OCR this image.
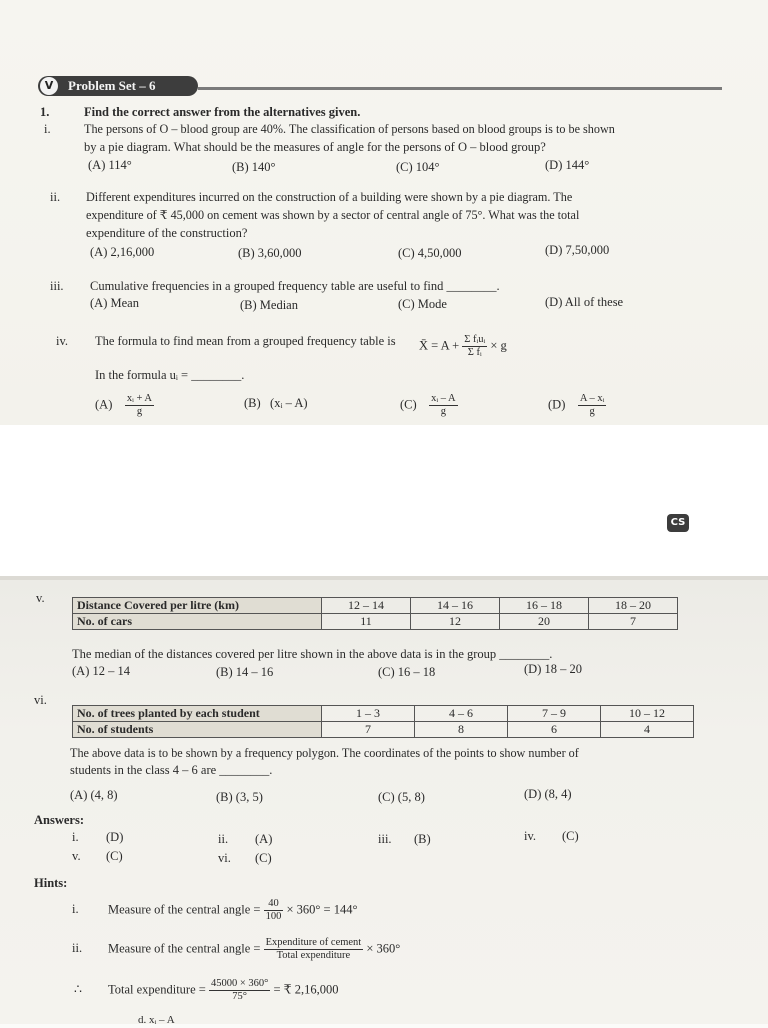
V	Problem Set – 6
1.	Find the correct answer from the alternatives given.
i.	The persons of O – blood group are 40%. The classification of persons based on blood groups is to be shown
by a pie diagram. What should be the measures of angle for the persons of O – blood group?
(A) 114°	(B) 140°	(C) 104°	(D) 144°
ii. Different expenditures incurred on the construction of a building were shown by a pie diagram. The
expenditure of ₹ 45,000 on cement was shown by a sector of central angle of 75°. What was the total
expenditure of the construction?
(A) 2,16,000	(B) 3,60,000	(C) 4,50,000	(D) 7,50,000
iii. Cumulative frequencies in a grouped frequency table are useful to find ________.
(A) Mean	(B) Median	(C) Mode	(D) All of these
iv. The formula to find mean from a grouped frequency table is X̄ = $A + \frac{\text{Σ fᵢuᵢ}}{\text{Σ fᵢ}} \times g$
In the formula uᵢ = ________.
$(A) \frac{\text{xᵢ + A}}{g}$	(B) (xᵢ – A)	$(C) \frac{\text{xᵢ – A}}{g}$	$(D) \frac{\text{A – xᵢ}}{g}$
CS
v.	Distance Covered per litre (km)	12 – 14	14 – 16	16 – 18	18 – 20
No. of cars	11	12	20	7
The median of the distances covered per litre shown in the above data is in the group ________.
(A) 12 – 14	(B) 14 – 16	(C) 16 – 18	(D) 18 – 20
vi.
No. of trees planted by each student	1 – 3	4 – 6	7 – 9	10 – 12
No. of students	7	8	6	4
The above data is to be shown by a frequency polygon. The coordinates of the points to show number of
students in the class 4 – 6 are ________.
(A) (4, 8)	(B) (3, 5)	(C) (5, 8)	(D) (8, 4)
Answers:
i. (D)	ii. (A)	iii. (B)	iv. (C)
v. (C)	vi. (C)
Hints:
i. Measure of the central angle = $\frac{40}{100} \times 360^\circ = 144^\circ$
ii. Measure of the central angle = $\frac{\text{Expenditure of cement}}{\text{Total expenditure}} \times 360^\circ$
∴ Total expenditure = $\frac{45000 \times 360^\circ}{75^\circ}$ = ₹ 2,16,000
d. xᵢ – A
